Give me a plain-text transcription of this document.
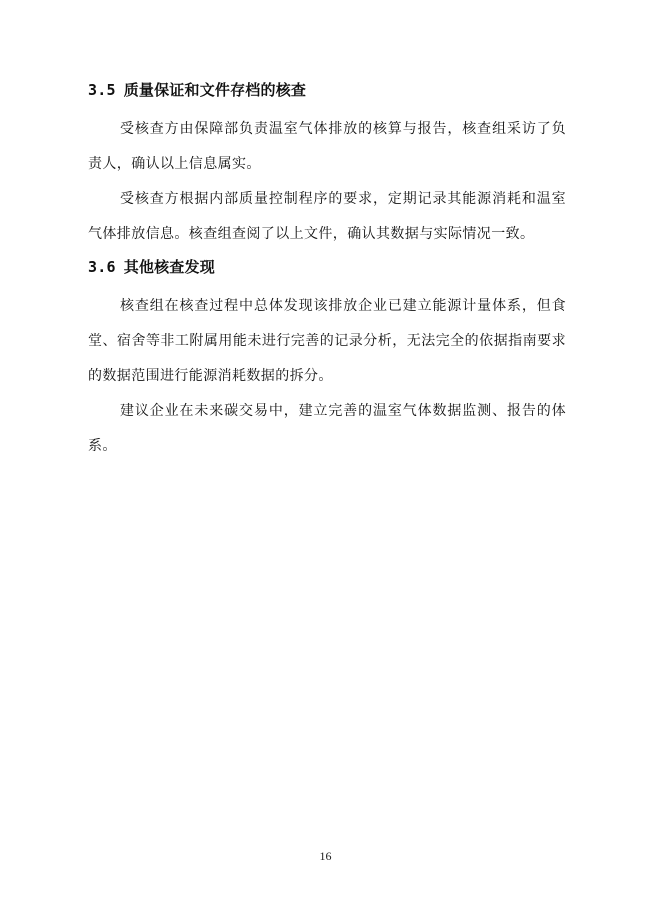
3.5 质量保证和文件存档的核查

受核查方由保障部负责温室气体排放的核算与报告，核查组采访了负责人，确认以上信息属实。

受核查方根据内部质量控制程序的要求，定期记录其能源消耗和温室气体排放信息。核查组查阅了以上文件，确认其数据与实际情况一致。

3.6 其他核查发现

核查组在核查过程中总体发现该排放企业已建立能源计量体系，但食堂、宿舍等非工附属用能未进行完善的记录分析，无法完全的依据指南要求的数据范围进行能源消耗数据的拆分。

建议企业在未来碳交易中，建立完善的温室气体数据监测、报告的体系。

16
